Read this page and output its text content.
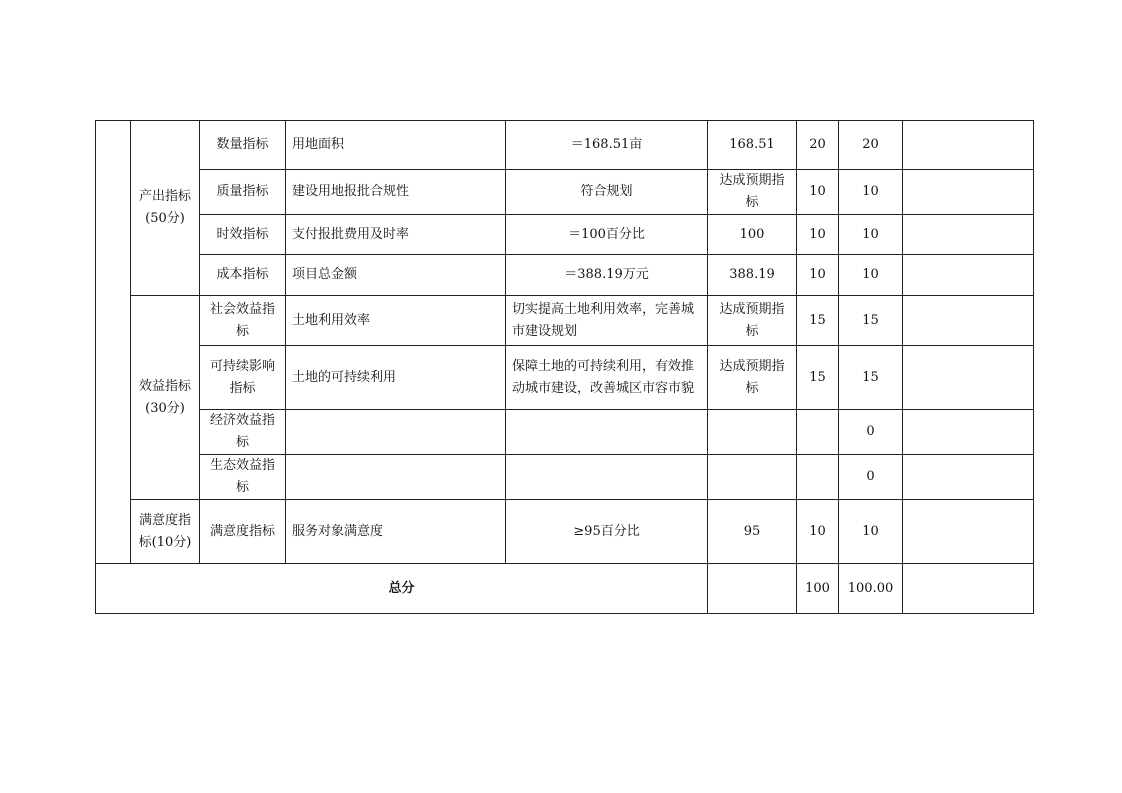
	产出指标(50分)	数量指标	用地面积	＝168.51亩	168.51	20	20	
		质量指标	建设用地报批合规性	符合规划	达成预期指标	10	10	
		时效指标	支付报批费用及时率	＝100百分比	100	10	10	
		成本指标	项目总金额	＝388.19万元	388.19	10	10	
	效益指标(30分)	社会效益指标	土地利用效率	切实提高土地利用效率，完善城市建设规划	达成预期指标	15	15	
		可持续影响指标	土地的可持续利用	保障土地的可持续利用，有效推动城市建设，改善城区市容市貌	达成预期指标	15	15	
		经济效益指标					0	
		生态效益指标					0	
	满意度指标(10分)	满意度指标	服务对象满意度	≥95百分比	95	10	10	
总分						100	100.00	
